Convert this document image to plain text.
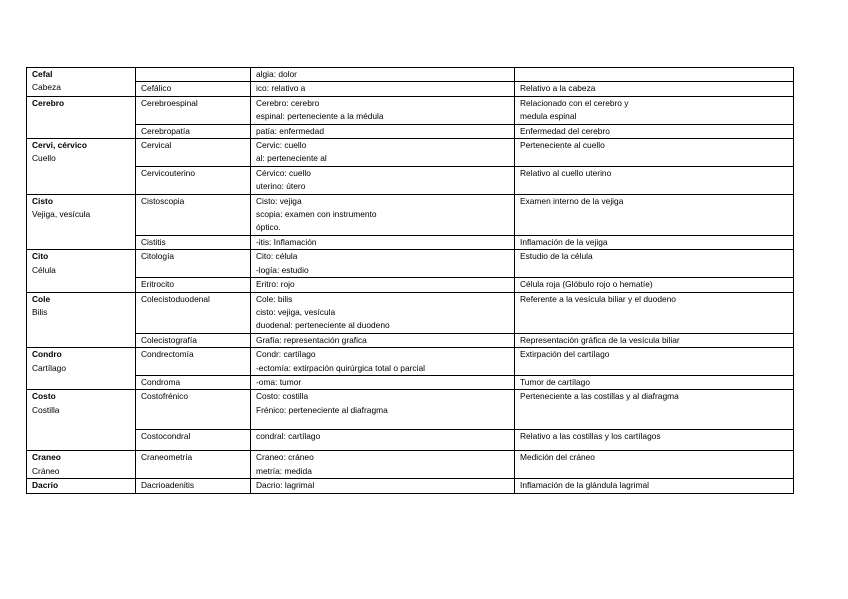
Cefal
Cabeza		algia: dolor	
	Cefálico	ico: relativo a	Relativo a la cabeza

Cerebro	Cerebroespinal	Cerebro: cerebro
espinal: perteneciente a la médula	Relacionado con el cerebro y
medula espinal
	Cerebropatía	patía: enfermedad	Enfermedad del cerebro

Cervi, cérvico
Cuello	Cervical	Cervic: cuello
al: perteneciente al	Perteneciente al cuello
	Cervicouterino	Cérvico: cuello
uterino: útero	Relativo al cuello uterino

Cisto
Vejiga, vesícula	Cistoscopia	Cisto: vejiga
scopia: examen con instrumento
óptico.	Examen interno de la vejiga
	Cistitis	-itis: Inflamación	Inflamación de la vejiga

Cito
Célula	Citología	Cito: célula
-logía: estudio	Estudio de la célula
	Eritrocito	Eritro: rojo	Célula roja (Glóbulo rojo o hematíe)

Cole
Bilis	Colecistoduodenal	Cole: bilis
cisto: vejiga, vesícula
duodenal: perteneciente al duodeno	Referente a la vesícula biliar y el duodeno
	Colecistografía	Grafía: representación grafica	Representación gráfica de la vesícula biliar

Condro
Cartílago	Condrectomía	Condr: cartílago
-ectomía: extirpación quirúrgica total o parcial	Extirpación del cartílago
	Condroma	-oma: tumor	Tumor de cartílago

Costo
Costilla	Costofrénico	Costo: costilla
Frénico: perteneciente al diafragma	Perteneciente a las costillas y al diafragma
	Costocondral	condral: cartílago	Relativo a las costillas y los cartílagos

Craneo
Cráneo	Craneometría	Craneo: cráneo
metría: medida	Medición del cráneo

Dacrio	Dacrioadenitis	Dacrio: lagrimal	Inflamación de la glándula lagrimal
